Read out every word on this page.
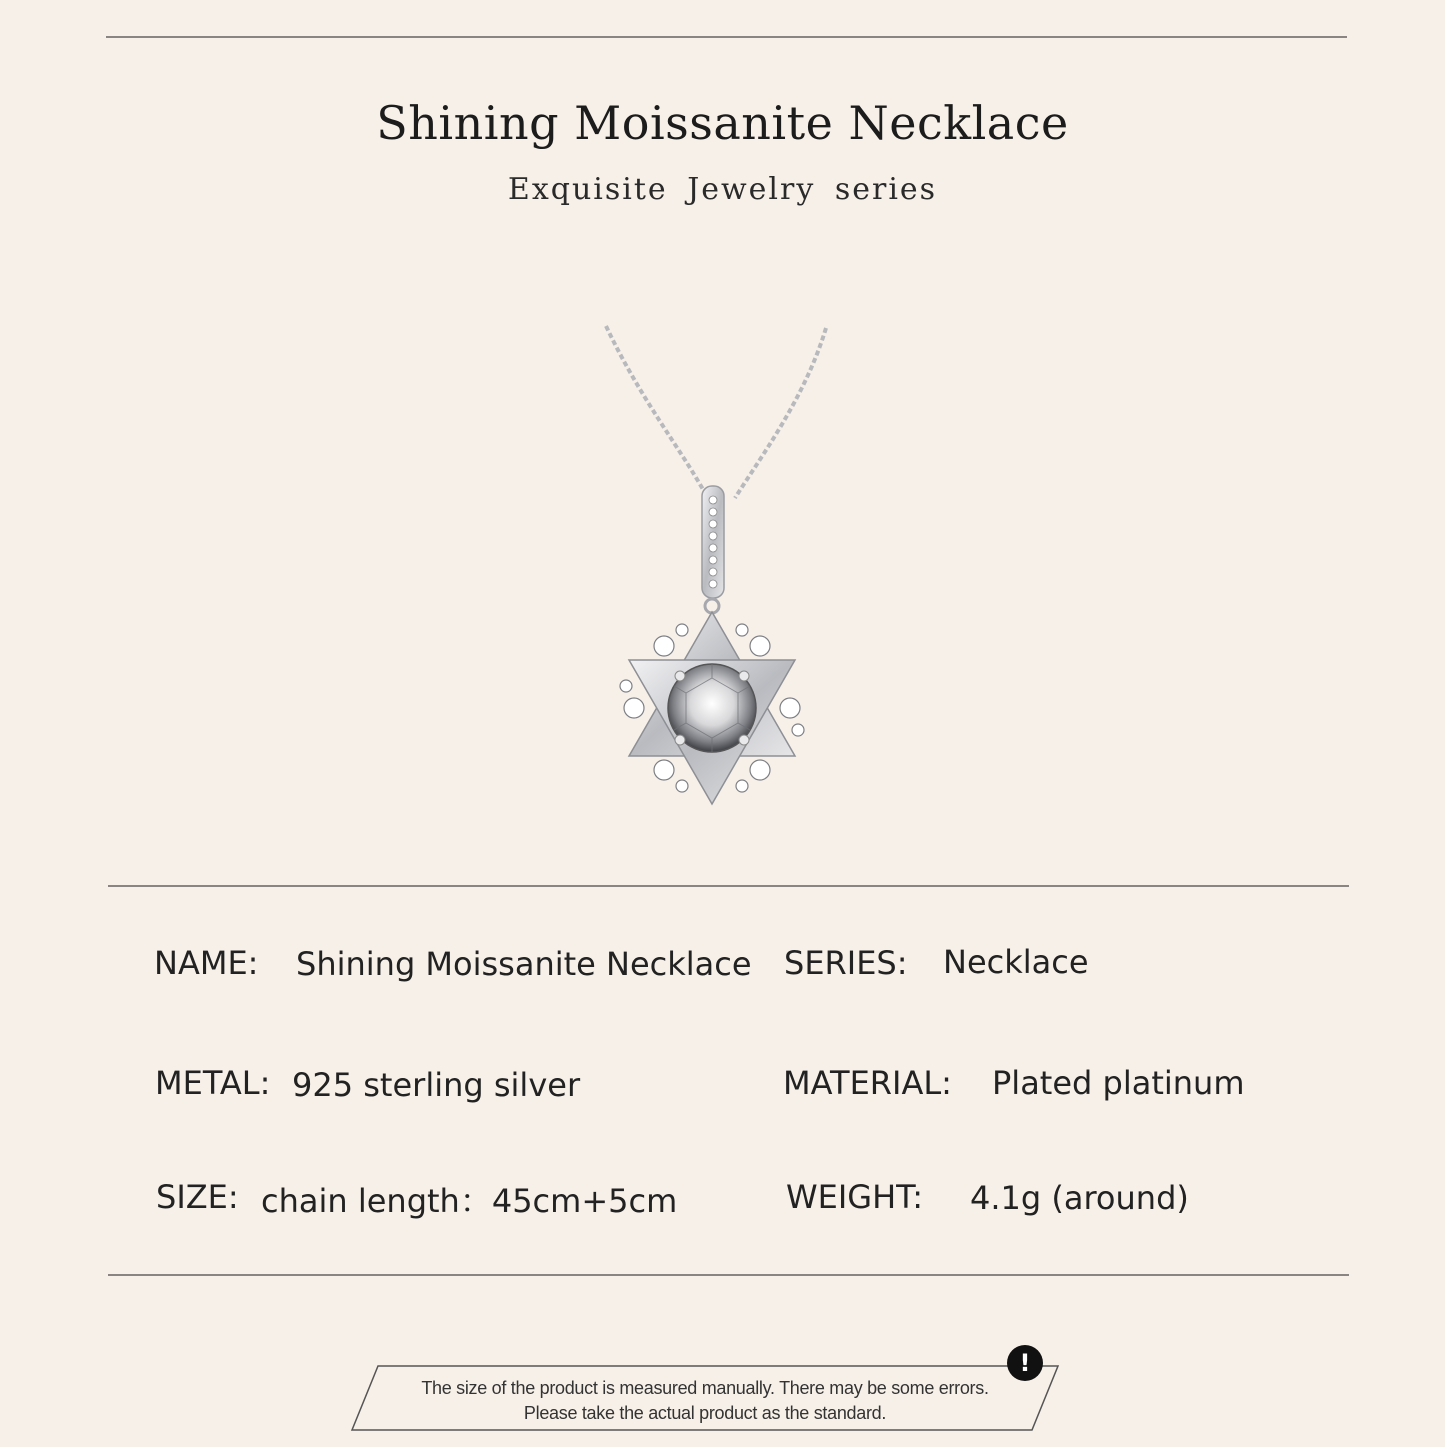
Shining Moissanite Necklace
Exquisite Jewelry series
NAME: Shining Moissanite Necklace SERIES: Necklace
METAL: 925 sterling silver	MATERIAL: Plated platinum
SIZE: chain length：45cm+5cm	WEIGHT: 4.1g (around)
The size of the product is measured manually. There may be some errors.
Please take the actual product as the standard.
!
